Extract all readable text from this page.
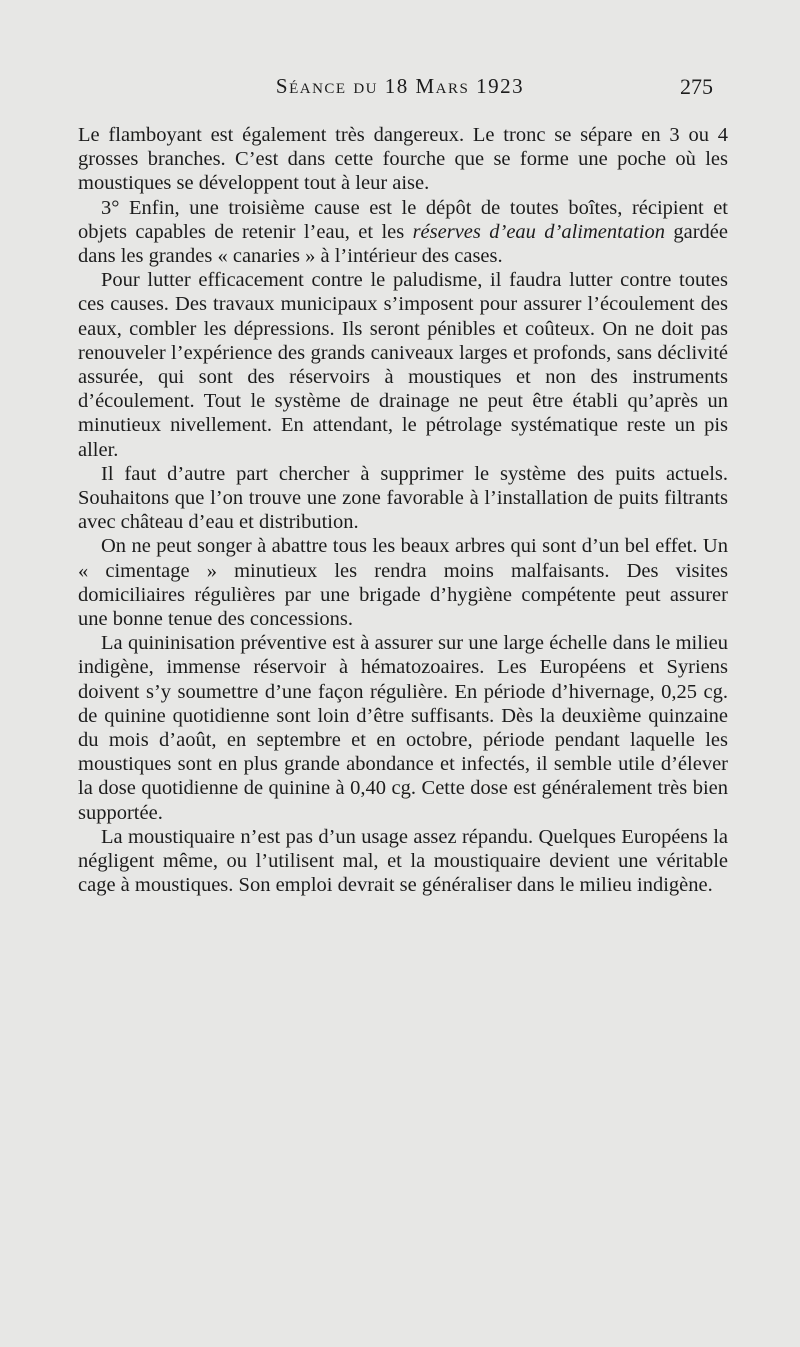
Séance du 18 Mars 1923	275

Le flamboyant est également très dangereux. Le tronc se sépare en 3 ou 4 grosses branches. C’est dans cette fourche que se forme une poche où les moustiques se développent tout à leur aise.

3° Enfin, une troisième cause est le dépôt de toutes boîtes, récipient et objets capables de retenir l’eau, et les réserves d’eau d’alimentation gardée dans les grandes « canaries » à l’intérieur des cases.

Pour lutter efficacement contre le paludisme, il faudra lutter contre toutes ces causes. Des travaux municipaux s’imposent pour assurer l’écoulement des eaux, combler les dépressions. Ils seront pénibles et coûteux. On ne doit pas renouveler l’expérience des grands caniveaux larges et profonds, sans déclivité assurée, qui sont des réservoirs à moustiques et non des instruments d’écoulement. Tout le système de drainage ne peut être établi qu’après un minutieux nivellement. En attendant, le pétrolage systématique reste un pis aller.

Il faut d’autre part chercher à supprimer le système des puits actuels. Souhaitons que l’on trouve une zone favorable à l’installation de puits filtrants avec château d’eau et distribution.

On ne peut songer à abattre tous les beaux arbres qui sont d’un bel effet. Un « cimentage » minutieux les rendra moins malfaisants. Des visites domiciliaires régulières par une brigade d’hygiène compétente peut assurer une bonne tenue des concessions.

La quininisation préventive est à assurer sur une large échelle dans le milieu indigène, immense réservoir à hématozoaires. Les Européens et Syriens doivent s’y soumettre d’une façon régulière. En période d’hivernage, 0,25 cg. de quinine quotidienne sont loin d’être suffisants. Dès la deuxième quinzaine du mois d’août, en septembre et en octobre, période pendant laquelle les moustiques sont en plus grande abondance et infectés, il semble utile d’élever la dose quotidienne de quinine à 0,40 cg. Cette dose est généralement très bien supportée.

La moustiquaire n’est pas d’un usage assez répandu. Quelques Européens la négligent même, ou l’utilisent mal, et la moustiquaire devient une véritable cage à moustiques. Son emploi devrait se généraliser dans le milieu indigène.
